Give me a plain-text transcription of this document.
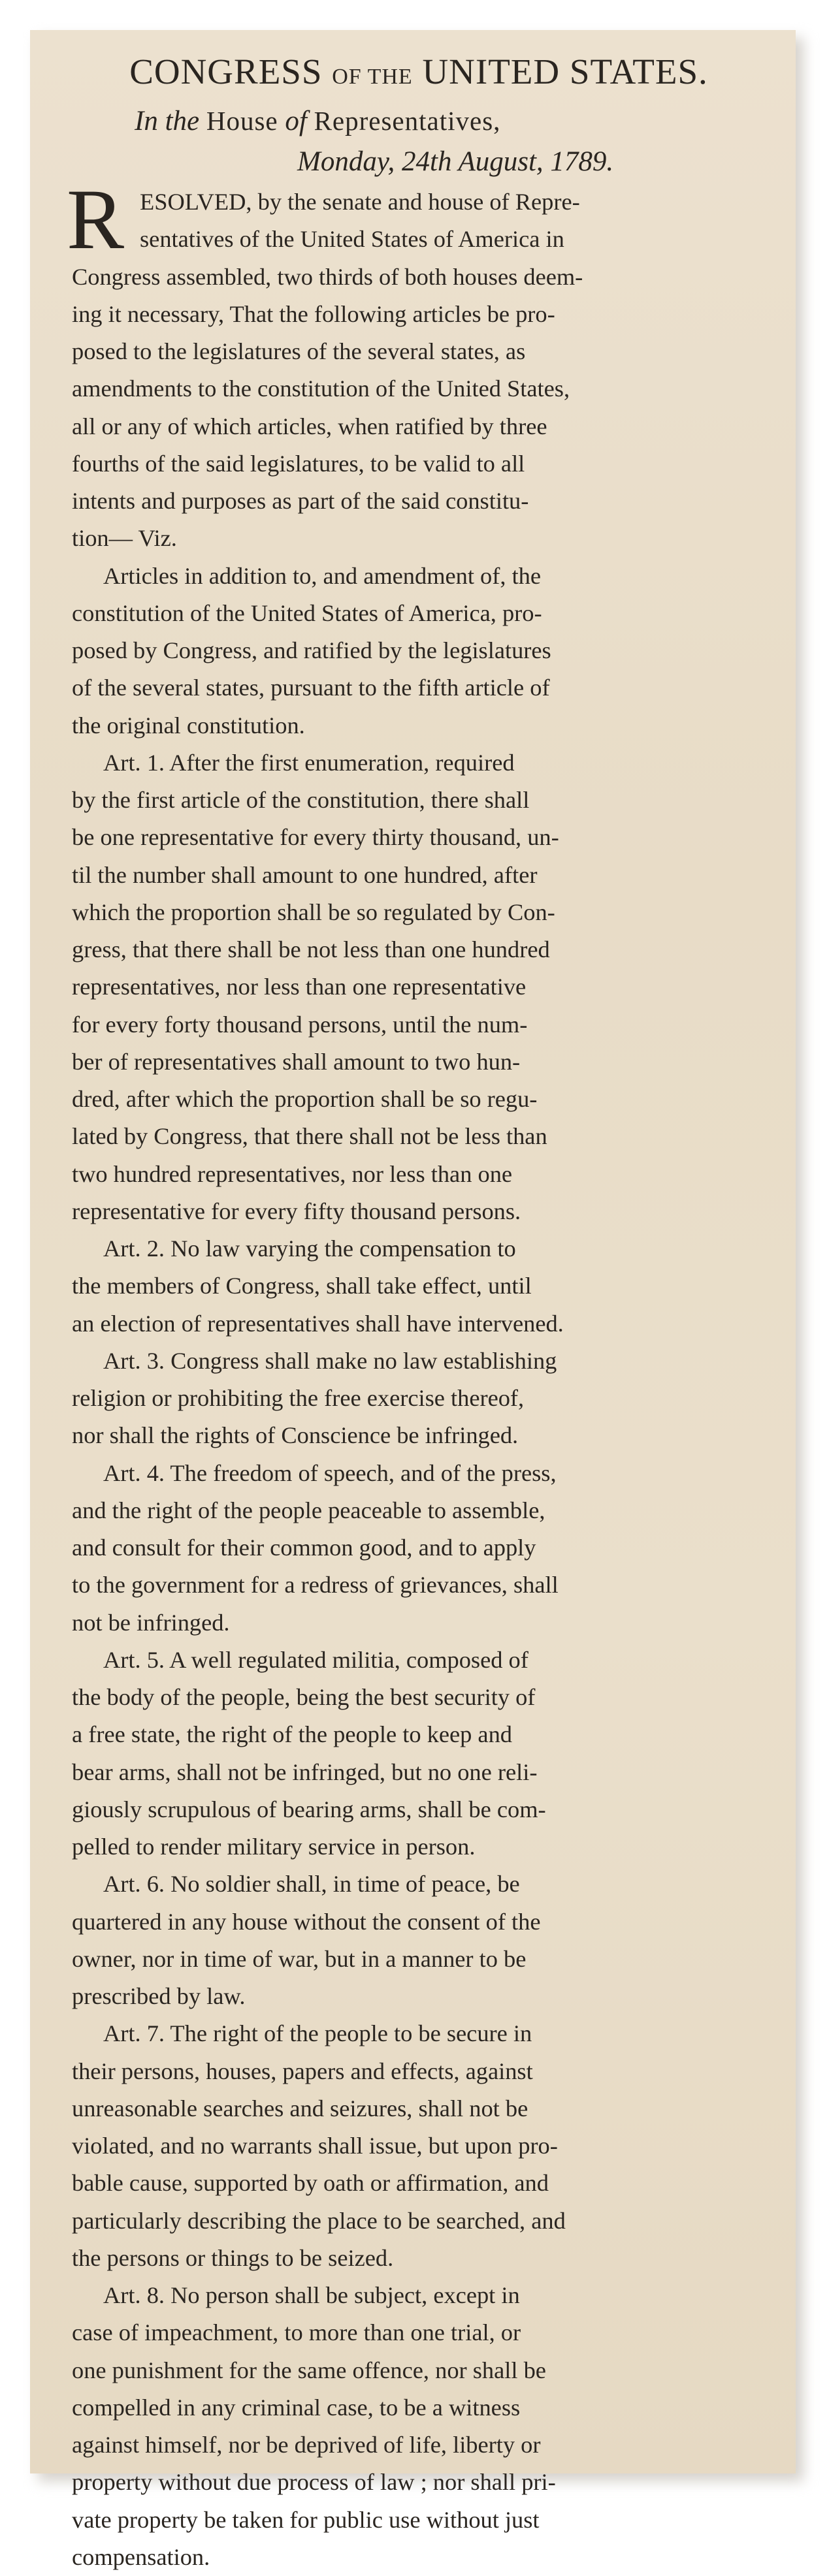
CONGRESS OF THE UNITED STATES.
In the House of Representatives,
Monday, 24th August, 1789.
R ESOLVED, by the senate and house of Repre-
sentatives of the United States of America in
Congress assembled, two thirds of both houses deem-
ing it necessary, That the following articles be pro-
posed to the legislatures of the several states, as
amendments to the constitution of the United States,
all or any of which articles, when ratified by three
fourths of the said legislatures, to be valid to all
intents and purposes as part of the said constitu-
tion— Viz.
Articles in addition to, and amendment of, the
constitution of the United States of America, pro-
posed by Congress, and ratified by the legislatures
of the several states, pursuant to the fifth article of
the original constitution.
Art. 1. After the first enumeration, required
by the first article of the constitution, there shall
be one representative for every thirty thousand, un-
til the number shall amount to one hundred, after
which the proportion shall be so regulated by Con-
gress, that there shall be not less than one hundred
representatives, nor less than one representative
for every forty thousand persons, until the num-
ber of representatives shall amount to two hun-
dred, after which the proportion shall be so regu-
lated by Congress, that there shall not be less than
two hundred representatives, nor less than one
representative for every fifty thousand persons.
Art. 2. No law varying the compensation to
the members of Congress, shall take effect, until
an election of representatives shall have intervened.
Art. 3. Congress shall make no law establishing
religion or prohibiting the free exercise thereof,
nor shall the rights of Conscience be infringed.
Art. 4. The freedom of speech, and of the press,
and the right of the people peaceable to assemble,
and consult for their common good, and to apply
to the government for a redress of grievances, shall
not be infringed.
Art. 5. A well regulated militia, composed of
the body of the people, being the best security of
a free state, the right of the people to keep and
bear arms, shall not be infringed, but no one reli-
giously scrupulous of bearing arms, shall be com-
pelled to render military service in person.
Art. 6. No soldier shall, in time of peace, be
quartered in any house without the consent of the
owner, nor in time of war, but in a manner to be
prescribed by law.
Art. 7. The right of the people to be secure in
their persons, houses, papers and effects, against
unreasonable searches and seizures, shall not be
violated, and no warrants shall issue, but upon pro-
bable cause, supported by oath or affirmation, and
particularly describing the place to be searched, and
the persons or things to be seized.
Art. 8. No person shall be subject, except in
case of impeachment, to more than one trial, or
one punishment for the same offence, nor shall be
compelled in any criminal case, to be a witness
against himself, nor be deprived of life, liberty or
property without due process of law ; nor shall pri-
vate property be taken for public use without just
compensation.
